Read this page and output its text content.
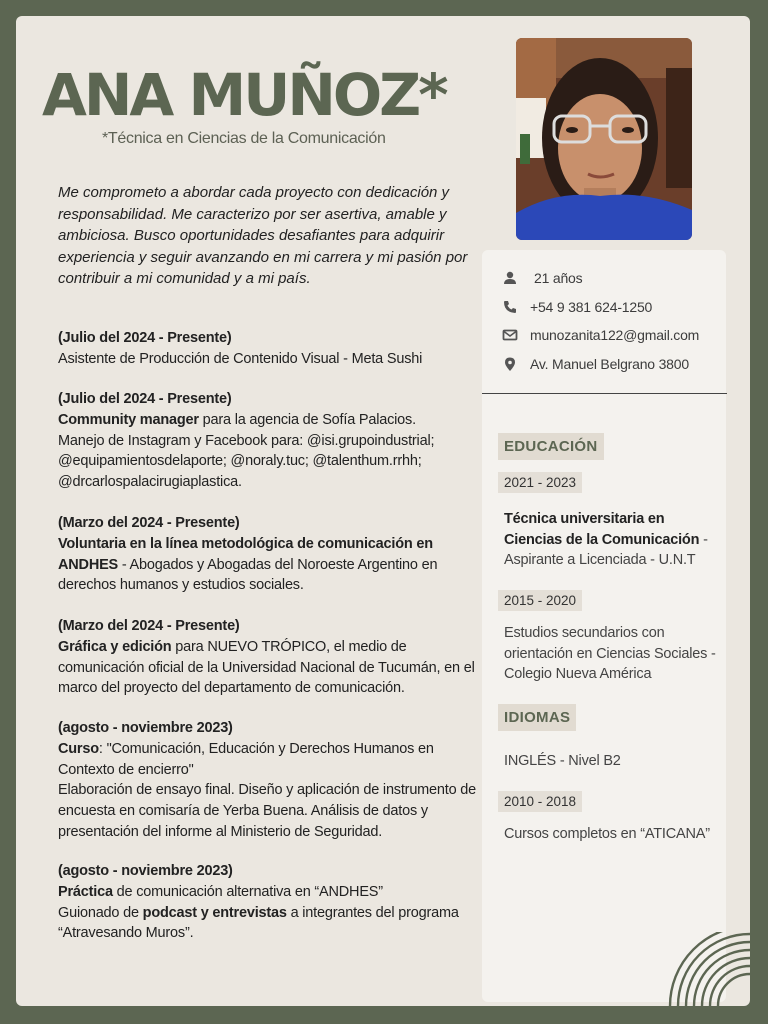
ANA MUÑOZ*
*Técnica en Ciencias de la Comunicación
Me comprometo a abordar cada proyecto con dedicación y responsabilidad. Me caracterizo por ser asertiva, amable y ambiciosa. Busco oportunidades desafiantes para adquirir experiencia y seguir avanzando en mi carrera y mi pasión por contribuir a mi comunidad y a mi país.	21 años
+54 9 381 624-1250
munozanita122@gmail.com
Av. Manuel Belgrano 3800
EDUCACIÓN
2021 - 2023
Técnica universitaria en Ciencias de la Comunicación - Aspirante a Licenciada - U.N.T
2015 - 2020
Estudios secundarios con orientación en Ciencias Sociales - Colegio Nueva América
IDIOMAS
INGLÉS - Nivel B2
2010 - 2018
Cursos completos en “ATICANA”
(Julio del 2024 - Presente)
Asistente de Producción de Contenido Visual - Meta Sushi
(Julio del 2024 - Presente)
Community manager para la agencia de Sofía Palacios.
Manejo de Instagram y Facebook para: @isi.grupoindustrial; @equipamientosdelaporte; @noraly.tuc; @talenthum.rrhh; @drcarlospalacirugiaplastica.
(Marzo del 2024 - Presente)
Voluntaria en la línea metodológica de comunicación en ANDHES - Abogados y Abogadas del Noroeste Argentino en derechos humanos y estudios sociales.
(Marzo del 2024 - Presente)
Gráfica y edición para NUEVO TRÓPICO, el medio de comunicación oficial de la Universidad Nacional de Tucumán, en el marco del proyecto del departamento de comunicación.
(agosto - noviembre 2023)
Curso: "Comunicación, Educación y Derechos Humanos en Contexto de encierro"
Elaboración de ensayo final. Diseño y aplicación de instrumento de encuesta en comisaría de Yerba Buena. Análisis de datos y presentación del informe al Ministerio de Seguridad.
(agosto - noviembre 2023)
Práctica de comunicación alternativa en “ANDHES”
Guionado de podcast y entrevistas a integrantes del programa “Atravesando Muros”.
